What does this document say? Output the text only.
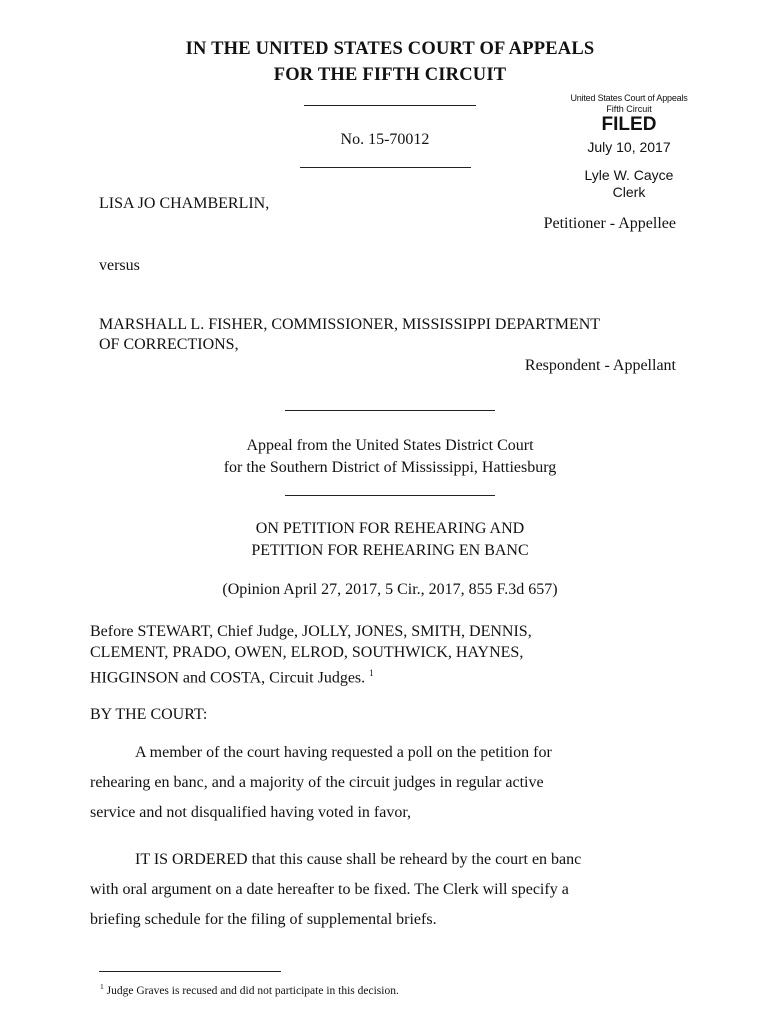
IN THE UNITED STATES COURT OF APPEALS
FOR THE FIFTH CIRCUIT
No. 15-70012
United States Court of Appeals
Fifth Circuit
FILED
July 10, 2017
Lyle W. Cayce
Clerk
LISA JO CHAMBERLIN,
Petitioner - Appellee
versus
MARSHALL L. FISHER, COMMISSIONER, MISSISSIPPI DEPARTMENT
OF CORRECTIONS,
Respondent - Appellant
Appeal from the United States District Court
for the Southern District of Mississippi, Hattiesburg
ON PETITION FOR REHEARING AND
PETITION FOR REHEARING EN BANC
(Opinion April 27, 2017, 5 Cir., 2017, 855 F.3d 657)
Before STEWART, Chief Judge, JOLLY, JONES, SMITH, DENNIS,
CLEMENT, PRADO, OWEN, ELROD, SOUTHWICK, HAYNES,
HIGGINSON and COSTA, Circuit Judges. $^1$
BY THE COURT:
A member of the court having requested a poll on the petition for
rehearing en banc, and a majority of the circuit judges in regular active
service and not disqualified having voted in favor,
IT IS ORDERED that this cause shall be reheard by the court en banc
with oral argument on a date hereafter to be fixed. The Clerk will specify a
briefing schedule for the filing of supplemental briefs.
$^1$ Judge Graves is recused and did not participate in this decision.
